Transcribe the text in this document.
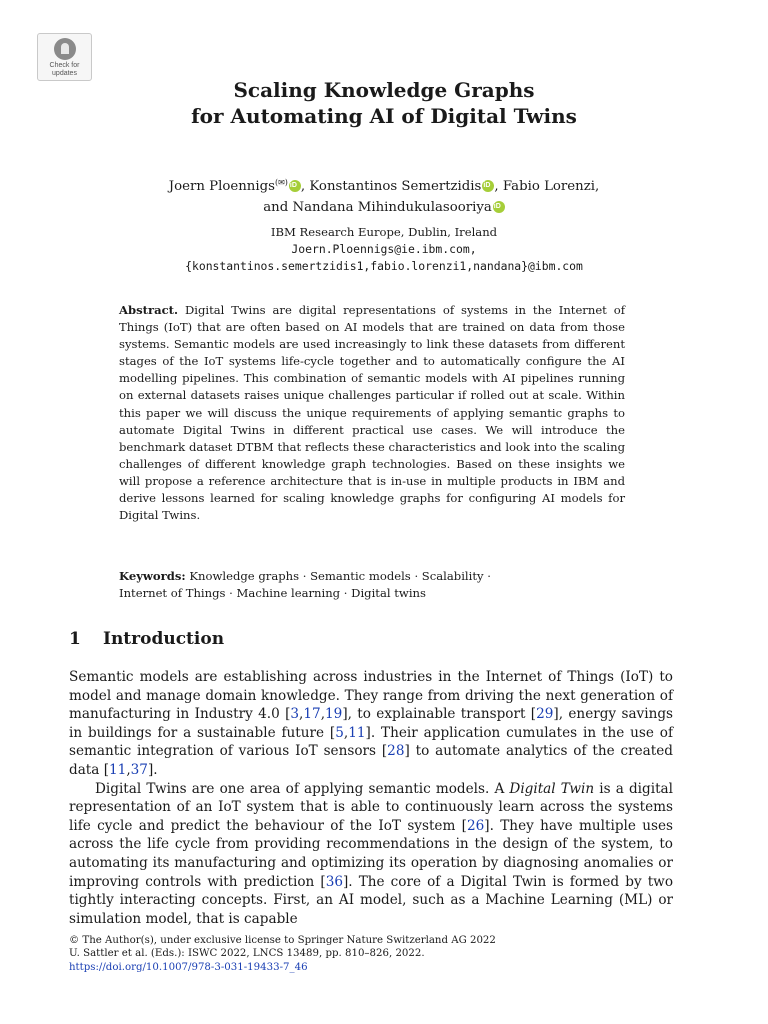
Check for
updates
Scaling Knowledge Graphs
for Automating AI of Digital Twins
Joern Ploennigs(✉) iD , Konstantinos Semertzidis iD , Fabio Lorenzi,
and Nandana MihindukulasooriyaiD
IBM Research Europe, Dublin, Ireland
Joern.Ploennigs@ie.ibm.com,
{konstantinos.semertzidis1,fabio.lorenzi1,nandana}@ibm.com

Abstract. Digital Twins are digital representations of systems in the Internet of Things (IoT) that are often based on AI models that are trained on data from those systems. Semantic models are used increasingly to link these datasets from different stages of the IoT systems life-cycle together and to automatically configure the AI modelling pipelines. This combination of semantic models with AI pipelines running on external datasets raises unique challenges particular if rolled out at scale. Within this paper we will discuss the unique requirements of applying semantic graphs to automate Digital Twins in different practical use cases. We will introduce the benchmark dataset DTBM that reflects these characteristics and look into the scaling challenges of different knowledge graph technologies. Based on these insights we will propose a reference architecture that is in-use in multiple products in IBM and derive lessons learned for scaling knowledge graphs for configuring AI models for Digital Twins.

Keywords: Knowledge graphs · Semantic models · Scalability ·
Internet of Things · Machine learning · Digital twins
1 Introduction

Semantic models are establishing across industries in the Internet of Things (IoT) to model and manage domain knowledge. They range from driving the next generation of manufacturing in Industry 4.0 [3,17,19], to explainable transport [29], energy savings in buildings for a sustainable future [5,11]. Their application cumulates in the use of semantic integration of various IoT sensors [28] to automate analytics of the created data [11,37].

Digital Twins are one area of applying semantic models. A Digital Twin is a digital representation of an IoT system that is able to continuously learn across the systems life cycle and predict the behaviour of the IoT system [26]. They have multiple uses across the life cycle from providing recommendations in the design of the system, to automating its manufacturing and optimizing its operation by diagnosing anomalies or improving controls with prediction [36]. The core of a Digital Twin is formed by two tightly interacting concepts. First, an AI model, such as a Machine Learning (ML) or simulation model, that is capable

© The Author(s), under exclusive license to Springer Nature Switzerland AG 2022
U. Sattler et al. (Eds.): ISWC 2022, LNCS 13489, pp. 810–826, 2022.
https://doi.org/10.1007/978-3-031-19433-7_46
